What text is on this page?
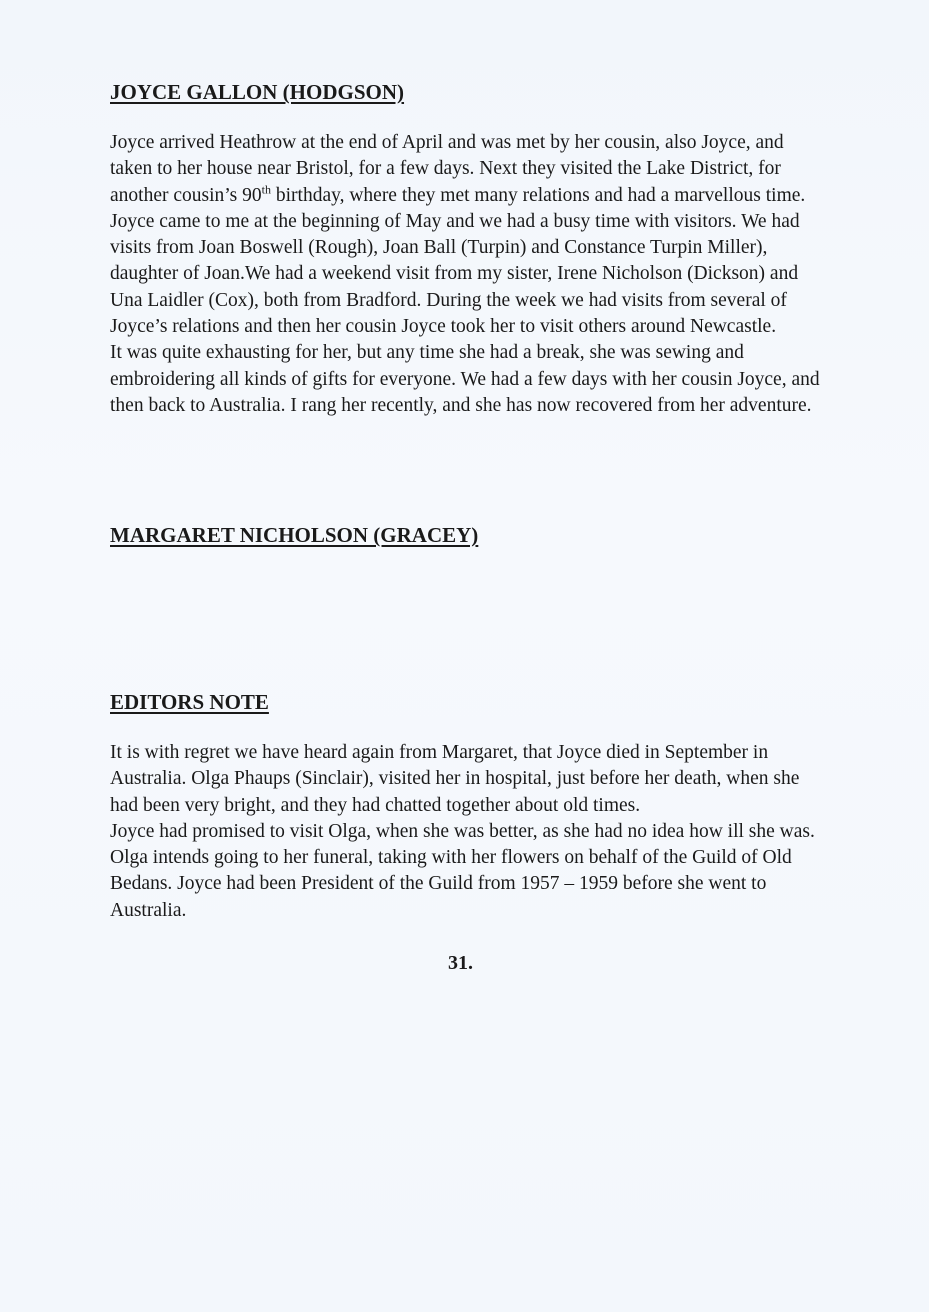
JOYCE GALLON (HODGSON)

Joyce arrived Heathrow at the end of April and was met by her cousin, also Joyce, and taken to her house near Bristol, for a few days. Next they visited the Lake District, for another cousin’s 90th birthday, where they met many relations and had a marvellous time. Joyce came to me at the beginning of May and we had a busy time with visitors. We had visits from Joan Boswell (Rough), Joan Ball (Turpin) and Constance Turpin Miller), daughter of Joan.We had a weekend visit from my sister, Irene Nicholson (Dickson) and Una Laidler (Cox), both from Bradford. During the week we had visits from several of Joyce’s relations and then her cousin Joyce took her to visit others around Newcastle.

It was quite exhausting for her, but any time she had a break, she was sewing and embroidering all kinds of gifts for everyone. We had a few days with her cousin Joyce, and then back to Australia. I rang her recently, and she has now recovered from her adventure.

MARGARET NICHOLSON (GRACEY)
EDITORS NOTE

It is with regret we have heard again from Margaret, that Joyce died in September in Australia. Olga Phaups (Sinclair), visited her in hospital, just before her death, when she had been very bright, and they had chatted together about old times.

Joyce had promised to visit Olga, when she was better, as she had no idea how ill she was. Olga intends going to her funeral, taking with her flowers on behalf of the Guild of Old Bedans. Joyce had been President of the Guild from 1957 – 1959 before she went to Australia.

31.
